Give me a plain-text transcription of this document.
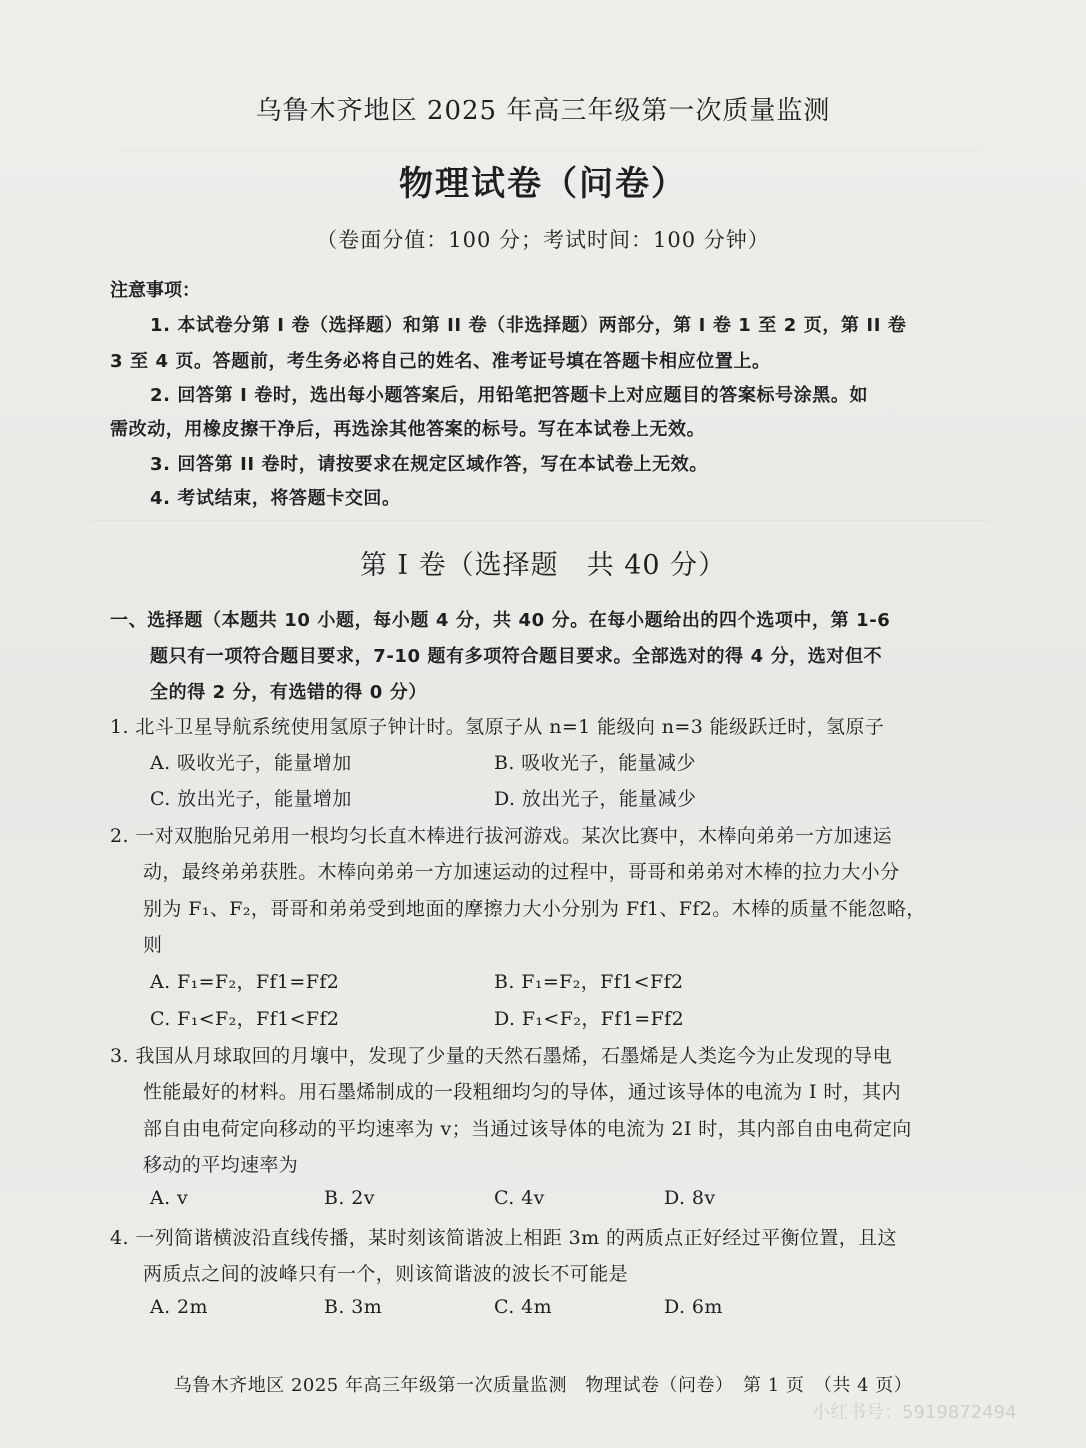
乌鲁木齐地区 2025 年高三年级第一次质量监测
物理试卷（问卷）
（卷面分值：100 分；考试时间：100 分钟）
注意事项：
1. 本试卷分第 I 卷（选择题）和第 II 卷（非选择题）两部分，第 I 卷 1 至 2 页，第 II 卷
3 至 4 页。答题前，考生务必将自己的姓名、准考证号填在答题卡相应位置上。
2. 回答第 I 卷时，选出每小题答案后，用铅笔把答题卡上对应题目的答案标号涂黑。如
需改动，用橡皮擦干净后，再选涂其他答案的标号。写在本试卷上无效。
3. 回答第 II 卷时，请按要求在规定区域作答，写在本试卷上无效。
4. 考试结束，将答题卡交回。
第 I 卷（选择题　共 40 分）
一、选择题（本题共 10 小题，每小题 4 分，共 40 分。在每小题给出的四个选项中，第 1-6
题只有一项符合题目要求，7-10 题有多项符合题目要求。全部选对的得 4 分，选对但不
全的得 2 分，有选错的得 0 分）
1. 北斗卫星导航系统使用氢原子钟计时。氢原子从 n=1 能级向 n=3 能级跃迁时，氢原子
A. 吸收光子，能量增加	B. 吸收光子，能量减少
C. 放出光子，能量增加	D. 放出光子，能量减少
2. 一对双胞胎兄弟用一根均匀长直木棒进行拔河游戏。某次比赛中，木棒向弟弟一方加速运
动，最终弟弟获胜。木棒向弟弟一方加速运动的过程中，哥哥和弟弟对木棒的拉力大小分
别为 F₁、F₂，哥哥和弟弟受到地面的摩擦力大小分别为 Ff1、Ff2。木棒的质量不能忽略，
则
A. F₁=F₂，Ff1=Ff2	B. F₁=F₂，Ff1<Ff2
C. F₁<F₂，Ff1<Ff2	D. F₁<F₂，Ff1=Ff2
3. 我国从月球取回的月壤中，发现了少量的天然石墨烯，石墨烯是人类迄今为止发现的导电
性能最好的材料。用石墨烯制成的一段粗细均匀的导体，通过该导体的电流为 I 时，其内
部自由电荷定向移动的平均速率为 v；当通过该导体的电流为 2I 时，其内部自由电荷定向
移动的平均速率为
A. v	B. 2v	C. 4v	D. 8v
4. 一列简谐横波沿直线传播，某时刻该简谐波上相距 3m 的两质点正好经过平衡位置，且这
两质点之间的波峰只有一个，则该简谐波的波长不可能是
A. 2m	B. 3m	C. 4m	D. 6m
乌鲁木齐地区 2025 年高三年级第一次质量监测　物理试卷（问卷）　第 1 页　（共 4 页）
小红书号：5919872494
